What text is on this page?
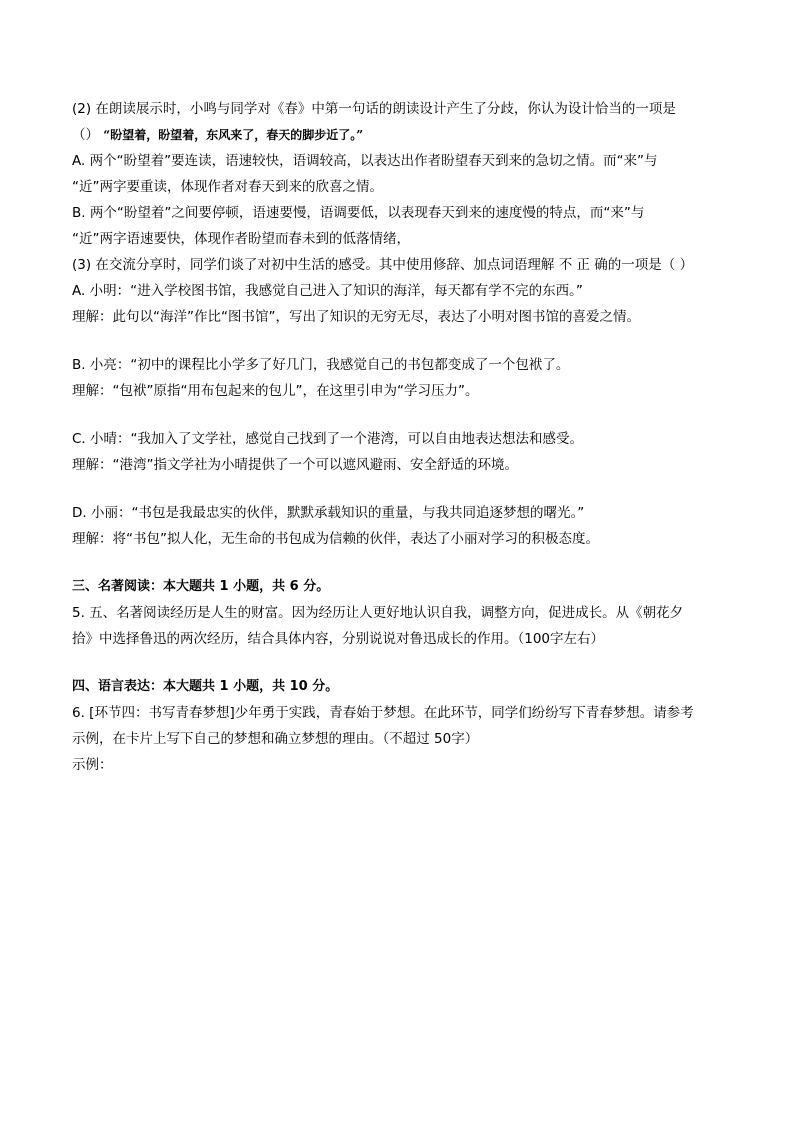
(2) 在朗读展示时，小鸣与同学对《春》中第一句话的朗读设计产生了分歧，你认为设计恰当的一项是

（） “盼望着，盼望着，东风来了，春天的脚步近了。”

A. 两个“盼望着”要连读，语速较快，语调较高，以表达出作者盼望春天到来的急切之情。而“来”与

“近”两字要重读，体现作者对春天到来的欣喜之情。

B. 两个“盼望着”之间要停顿，语速要慢，语调要低，以表现春天到来的速度慢的特点，而“来”与

“近”两字语速要快，体现作者盼望而春未到的低落情绪，

(3) 在交流分享时，同学们谈了对初中生活的感受。其中使用修辞、加点词语理解 不 正 确的一项是（ ）

A. 小明：“进入学校图书馆，我感觉自己进入了知识的海洋，每天都有学不完的东西。”

理解：此句以“海洋”作比“图书馆”，写出了知识的无穷无尽，表达了小明对图书馆的喜爱之情。

B. 小亮：“初中的课程比小学多了好几门，我感觉自己的书包都变成了一个包袱了。

理解：“包袱”原指“用布包起来的包儿”，在这里引申为“学习压力”。

C. 小晴：“我加入了文学社，感觉自己找到了一个港湾，可以自由地表达想法和感受。

理解：“港湾”指文学社为小晴提供了一个可以遮风避雨、安全舒适的环境。

D. 小丽：“书包是我最忠实的伙伴，默默承载知识的重量，与我共同追逐梦想的曙光。”

理解：将“书包”拟人化，无生命的书包成为信赖的伙伴，表达了小丽对学习的积极态度。

三、名著阅读：本大题共 1 小题，共 6 分。

5. 五、名著阅读经历是人生的财富。因为经历让人更好地认识自我，调整方向，促进成长。从《朝花夕

拾》中选择鲁迅的两次经历，结合具体内容，分别说说对鲁迅成长的作用。（100字左右）

四、语言表达：本大题共 1 小题，共 10 分。

6. [环节四：书写青春梦想]少年勇于实践，青春始于梦想。在此环节，同学们纷纷写下青春梦想。请参考

示例，在卡片上写下自己的梦想和确立梦想的理由。（不超过 50字）

示例：
